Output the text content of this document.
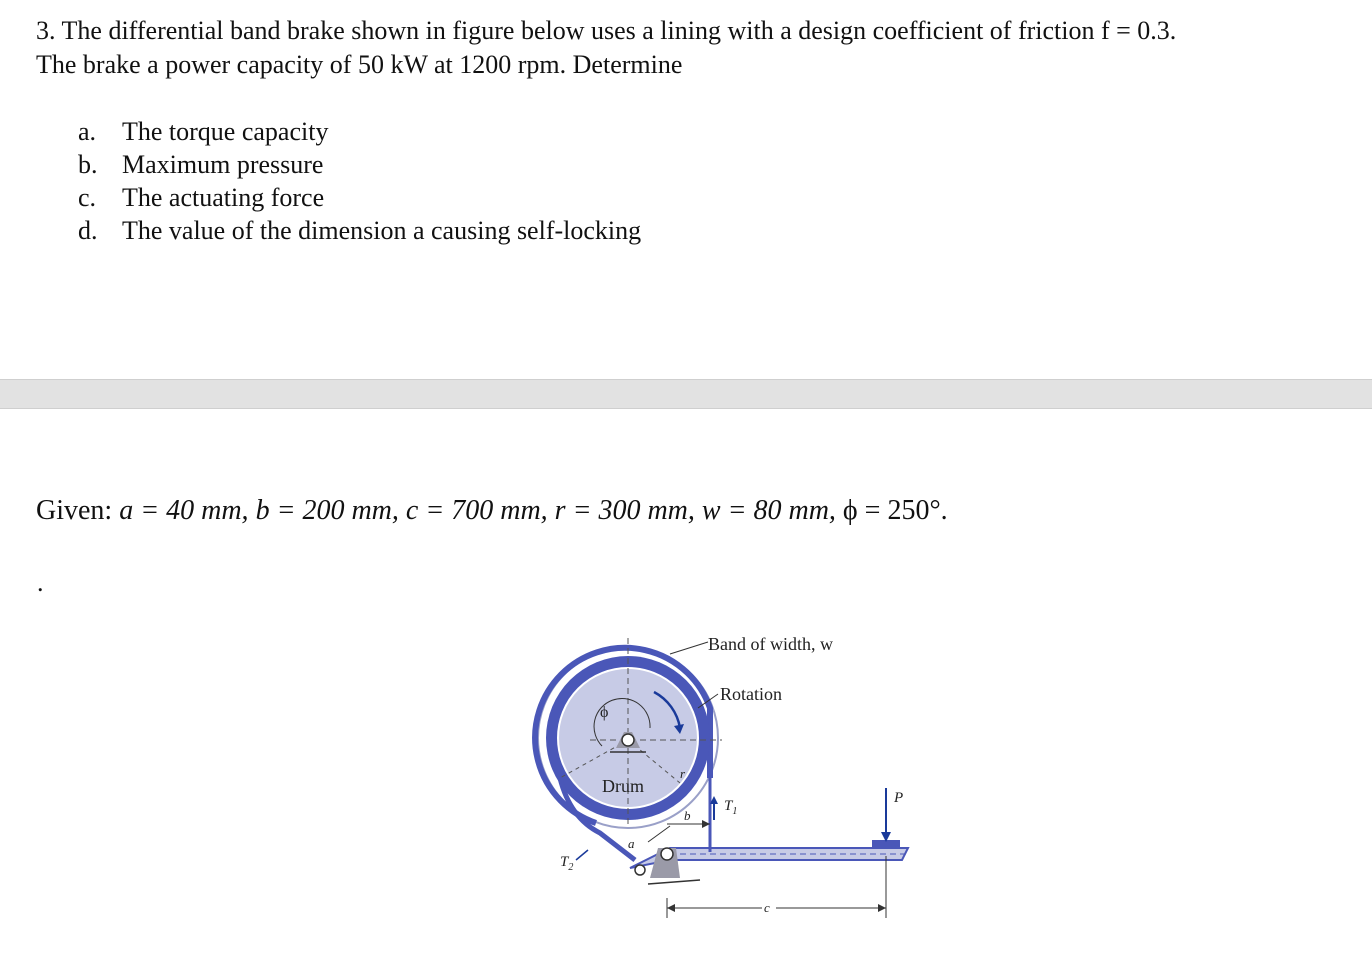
3. The differential band brake shown in figure below uses a lining with a design coefficient of friction f = 0.3.
The brake a power capacity of 50 kW at 1200 rpm. Determine
a. The torque capacity
b. Maximum pressure
c. The actuating force
d. The value of the dimension a causing self-locking
Given: a = 40 mm, b = 200 mm, c = 700 mm, r = 300 mm, w = 80 mm, ϕ = 250°.
.
ϕ
r
Drum
Band of width, w
Rotation
P
$T_1$
$T_2$
a
b
c
